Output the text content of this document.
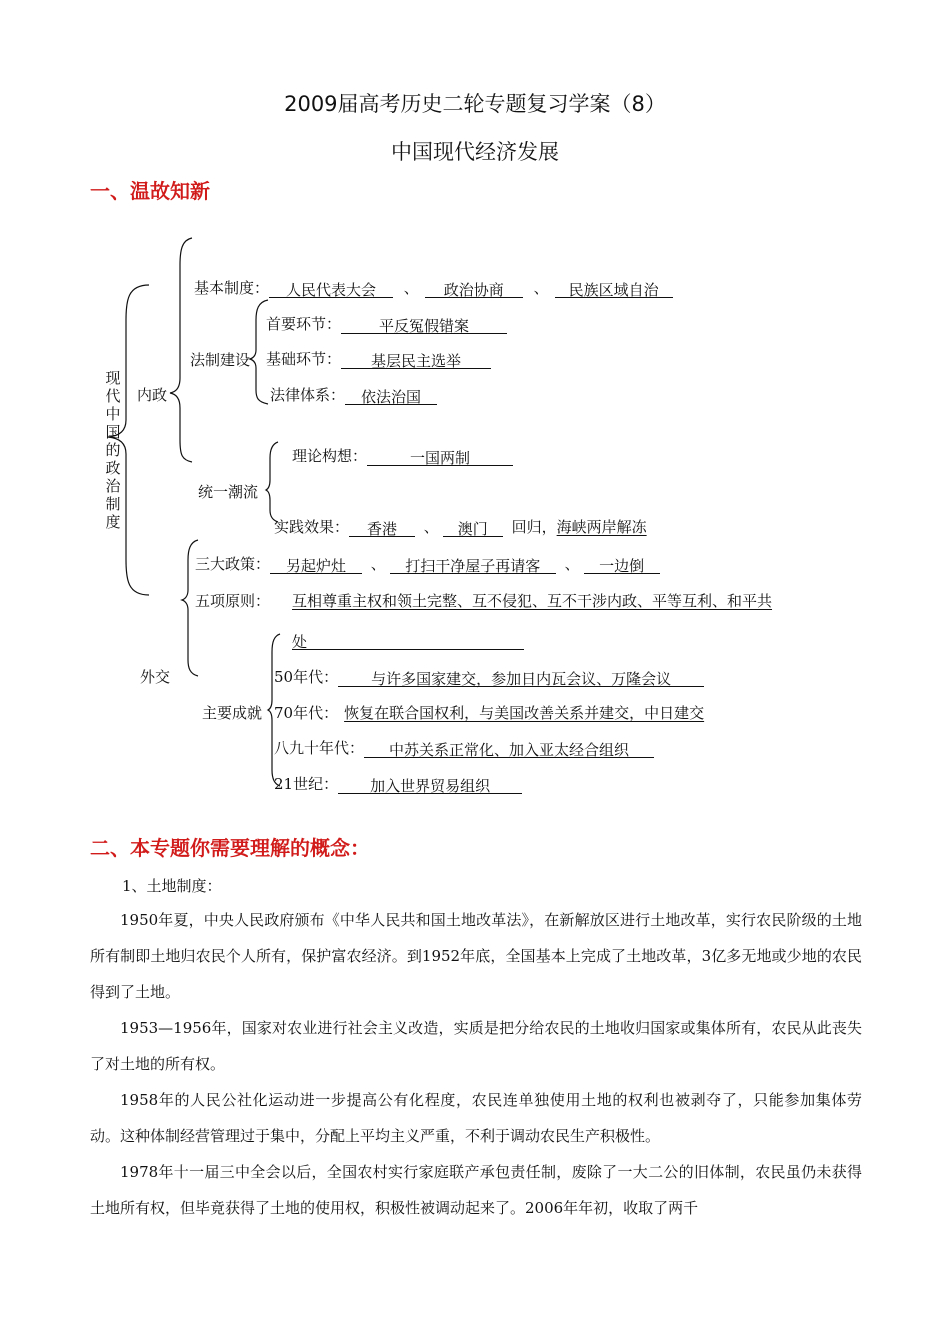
2009届高考历史二轮专题复习学案（8）
中国现代经济发展
一、温故知新
现代中国的政治制度
内政
基本制度： 人民代表大会 、 政治协商 、 民族区域自治
法制建设
首要环节：	平反冤假错案
基础环节： 基层民主选举
法律体系： 依法治国
统一潮流
理论构想：	一国两制
实践效果： 香港 、 澳门 回归，海峡两岸解冻
外交
三大政策： 另起炉灶 、 打扫干净屋子再请客 、 一边倒
五项原则： 互相尊重主权和领土完整、互不侵犯、互不干涉内政、平等互利、和平共
处
主要成就
50年代： 与许多国家建交，参加日内瓦会议、万隆会议
70年代： 恢复在联合国权利，与美国改善关系并建交，中日建交
八九十年代： 中苏关系正常化、加入亚太经合组织
21世纪： 加入世界贸易组织
二、本专题你需要理解的概念：
1、土地制度：

1950年夏，中央人民政府颁布《中华人民共和国土地改革法》，在新解放区进行土地改革，实行农民阶级的土地所有制即土地归农民个人所有，保护富农经济。到1952年底，全国基本上完成了土地改革，3亿多无地或少地的农民得到了土地。

1953—1956年，国家对农业进行社会主义改造，实质是把分给农民的土地收归国家或集体所有，农民从此丧失了对土地的所有权。

1958年的人民公社化运动进一步提高公有化程度，农民连单独使用土地的权利也被剥夺了，只能参加集体劳动。这种体制经营管理过于集中，分配上平均主义严重，不利于调动农民生产积极性。

1978年十一届三中全会以后，全国农村实行家庭联产承包责任制，废除了一大二公的旧体制，农民虽仍未获得土地所有权，但毕竟获得了土地的使用权，积极性被调动起来了。2006年年初，收取了两千
